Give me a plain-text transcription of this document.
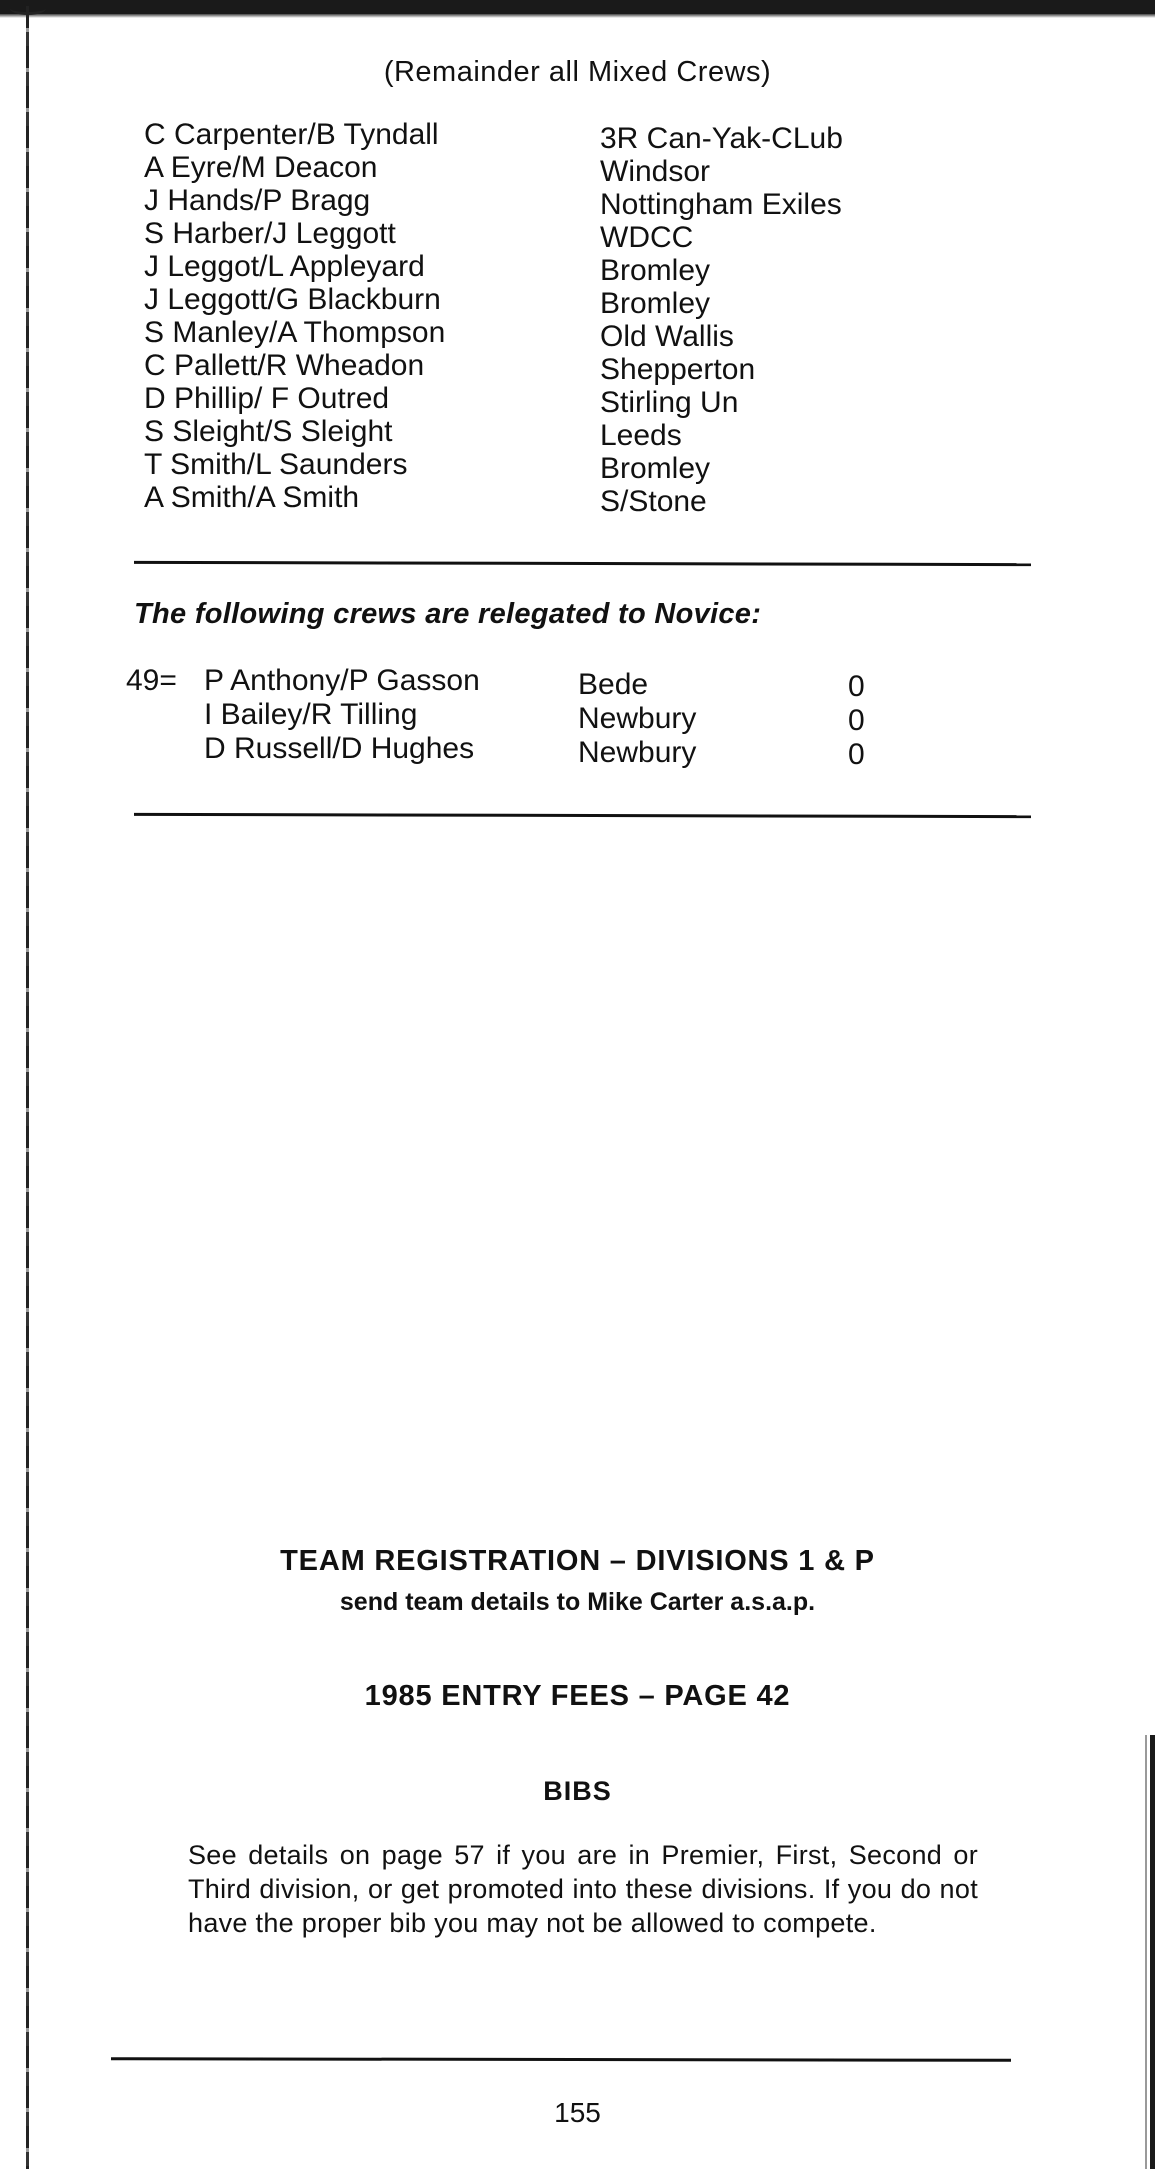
(Remainder all Mixed Crews)
C Carpenter/B Tyndall	3R Can-Yak-CLub
A Eyre/M Deacon	Windsor
J Hands/P Bragg	Nottingham Exiles
S Harber/J Leggott	WDCC
J Leggot/L Appleyard	Bromley
J Leggott/G Blackburn	Bromley
S Manley/A Thompson	Old Wallis
C Pallett/R Wheadon	Shepperton
D Phillip/ F Outred	Stirling Un
S Sleight/S Sleight	Leeds
T Smith/L Saunders	Bromley
A Smith/A Smith	S/Stone
The following crews are relegated to Novice:
49= P Anthony/P Gasson	Bede	0
I Bailey/R Tilling	Newbury	0
D Russell/D Hughes	Newbury	0
TEAM REGISTRATION – DIVISIONS 1 & P
send team details to Mike Carter a.s.a.p.
1985 ENTRY FEES – PAGE 42
BIBS
See details on page 57 if you are in Premier, First, Second or Third division, or get promoted into these divisions. If you do not have the proper bib you may not be allowed to compete.
155
